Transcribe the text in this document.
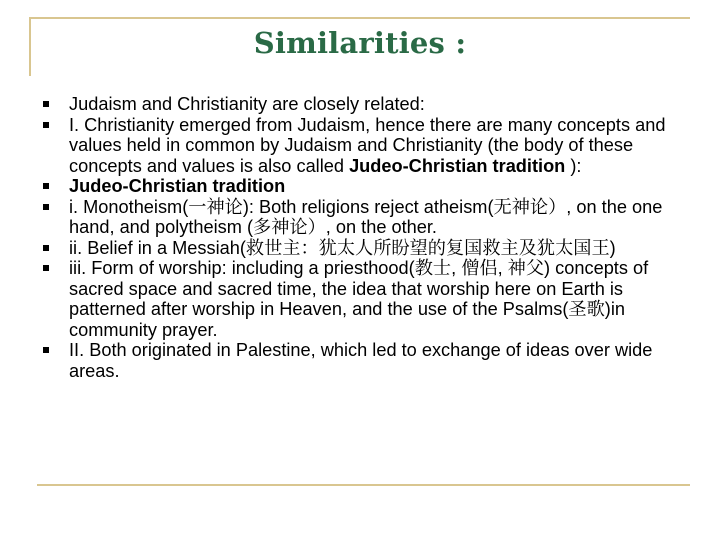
Similarities :
Judaism and Christianity are closely related:
I. Christianity emerged from Judaism, hence there are many concepts and values held in common by Judaism and Christianity (the body of these concepts and values is also called Judeo-Christian tradition ):
Judeo-Christian tradition
i. Monotheism(一神论): Both religions reject atheism(无神论）, on the one hand, and polytheism (多神论）, on the other.
ii. Belief in a Messiah(救世主：犹太人所盼望的复国救主及犹太国王)
iii. Form of worship: including a priesthood(教士, 僧侣, 神父) concepts of sacred space and sacred time, the idea that worship here on Earth is patterned after worship in Heaven, and the use of the Psalms(圣歌)in community prayer.
II. Both originated in Palestine, which led to exchange of ideas over wide areas.
